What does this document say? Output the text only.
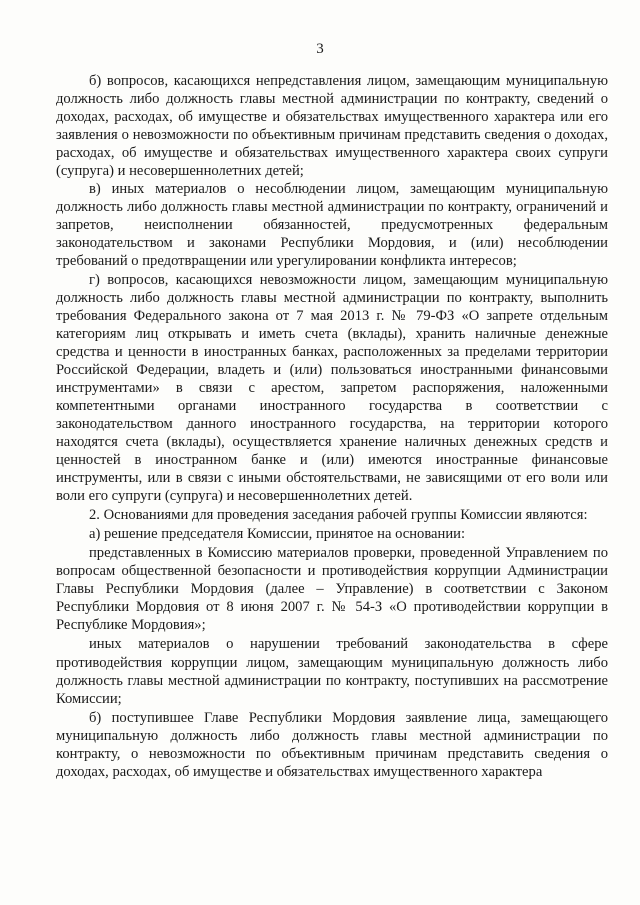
3

б) вопросов, касающихся непредставления лицом, замещающим муниципальную должность либо должность главы местной администрации по контракту, сведений о доходах, расходах, об имуществе и обязательствах имущественного характера или его заявления о невозможности по объективным причинам представить сведения о доходах, расходах, об имуществе и обязательствах имущественного характера своих супруги (супруга) и несовершеннолетних детей;

в) иных материалов о несоблюдении лицом, замещающим муниципальную должность либо должность главы местной администрации по контракту, ограничений и запретов, неисполнении обязанностей, предусмотренных федеральным законодательством и законами Республики Мордовия, и (или) несоблюдении требований о предотвращении или урегулировании конфликта интересов;

г) вопросов, касающихся невозможности лицом, замещающим муниципальную должность либо должность главы местной администрации по контракту, выполнить требования Федерального закона от 7 мая 2013 г. № 79-ФЗ «О запрете отдельным категориям лиц открывать и иметь счета (вклады), хранить наличные денежные средства и ценности в иностранных банках, расположенных за пределами территории Российской Федерации, владеть и (или) пользоваться иностранными финансовыми инструментами» в связи с арестом, запретом распоряжения, наложенными компетентными органами иностранного государства в соответствии с законодательством данного иностранного государства, на территории которого находятся счета (вклады), осуществляется хранение наличных денежных средств и ценностей в иностранном банке и (или) имеются иностранные финансовые инструменты, или в связи с иными обстоятельствами, не зависящими от его воли или воли его супруги (супруга) и несовершеннолетних детей.

2. Основаниями для проведения заседания рабочей группы Комиссии являются:

а) решение председателя Комиссии, принятое на основании:

представленных в Комиссию материалов проверки, проведенной Управлением по вопросам общественной безопасности и противодействия коррупции Администрации Главы Республики Мордовия (далее – Управление) в соответствии с Законом Республики Мордовия от 8 июня 2007 г. № 54-З «О противодействии коррупции в Республике Мордовия»;

иных материалов о нарушении требований законодательства в сфере противодействия коррупции лицом, замещающим муниципальную должность либо должность главы местной администрации по контракту, поступивших на рассмотрение Комиссии;

б) поступившее Главе Республики Мордовия заявление лица, замещающего муниципальную должность либо должность главы местной администрации по контракту, о невозможности по объективным причинам представить сведения о доходах, расходах, об имуществе и обязательствах имущественного характера
